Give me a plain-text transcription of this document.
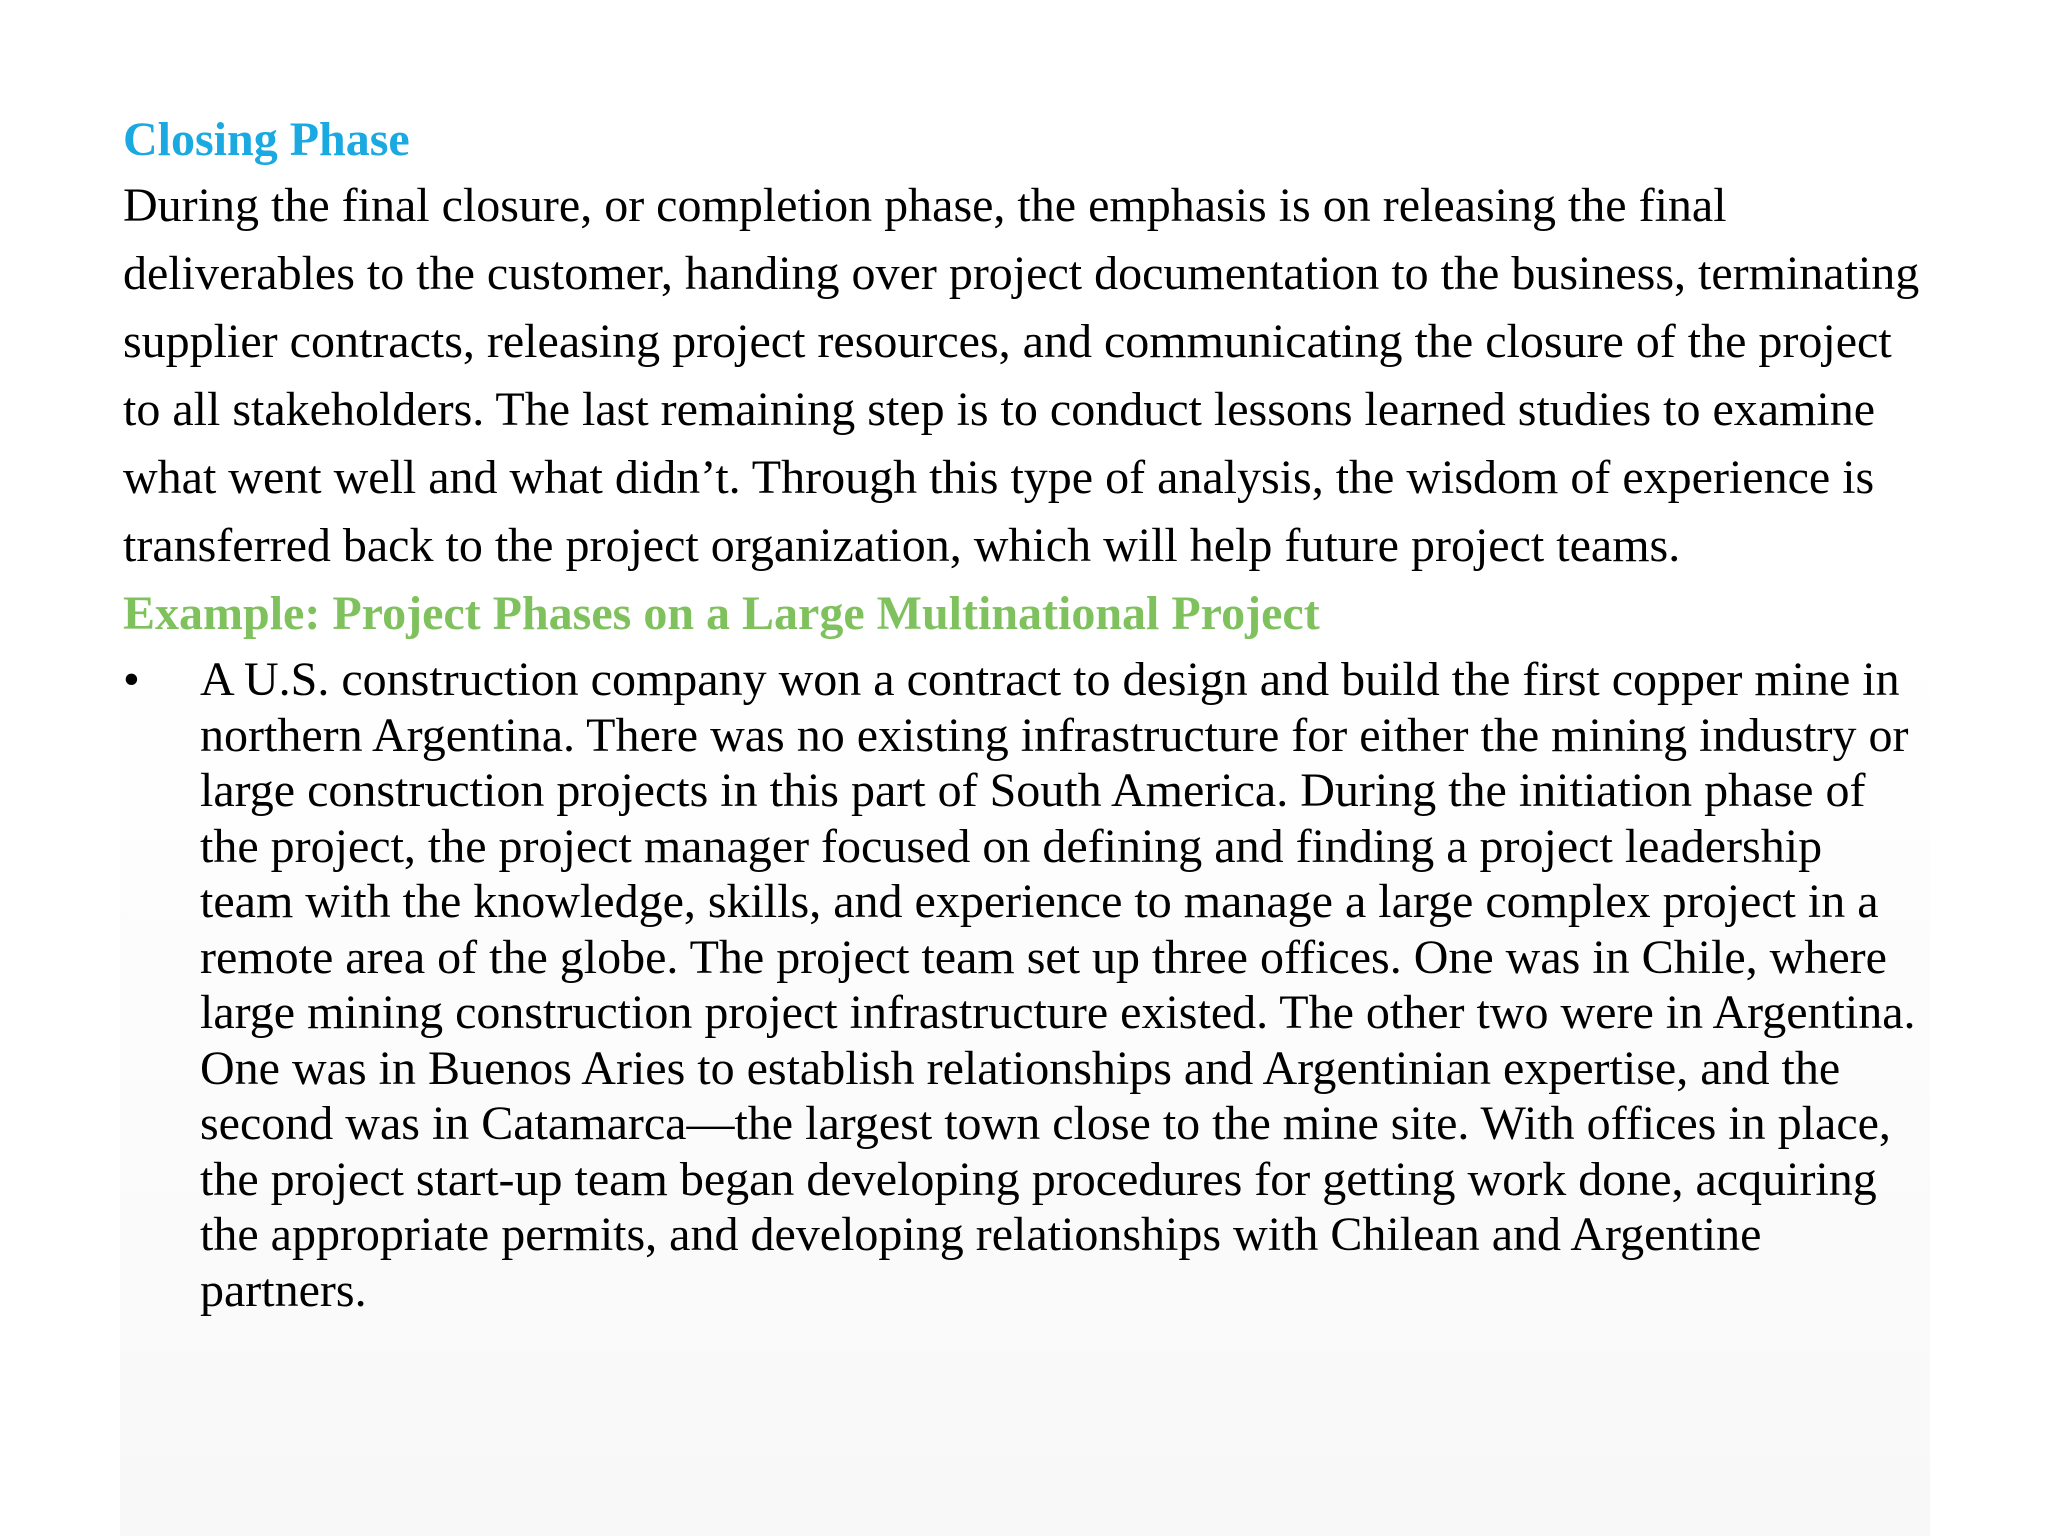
Closing Phase

During the final closure, or completion phase, the emphasis is on releasing the final deliverables to the customer, handing over project documentation to the business, terminating supplier contracts, releasing project resources, and communicating the closure of the project to all stakeholders. The last remaining step is to conduct lessons learned studies to examine what went well and what didn’t. Through this type of analysis, the wisdom of experience is transferred back to the project organization, which will help future project teams.

Example: Project Phases on a Large Multinational Project
•	A U.S. construction company won a contract to design and build the first copper mine in northern Argentina. There was no existing infrastructure for either the mining industry or large construction projects in this part of South America. During the initiation phase of the project, the project manager focused on defining and finding a project leadership team with the knowledge, skills, and experience to manage a large complex project in a remote area of the globe. The project team set up three offices. One was in Chile, where large mining construction project infrastructure existed. The other two were in Argentina. One was in Buenos Aries to establish relationships and Argentinian expertise, and the second was in Catamarca—the largest town close to the mine site. With offices in place, the project start-up team began developing procedures for getting work done, acquiring the appropriate permits, and developing relationships with Chilean and Argentine partners.
